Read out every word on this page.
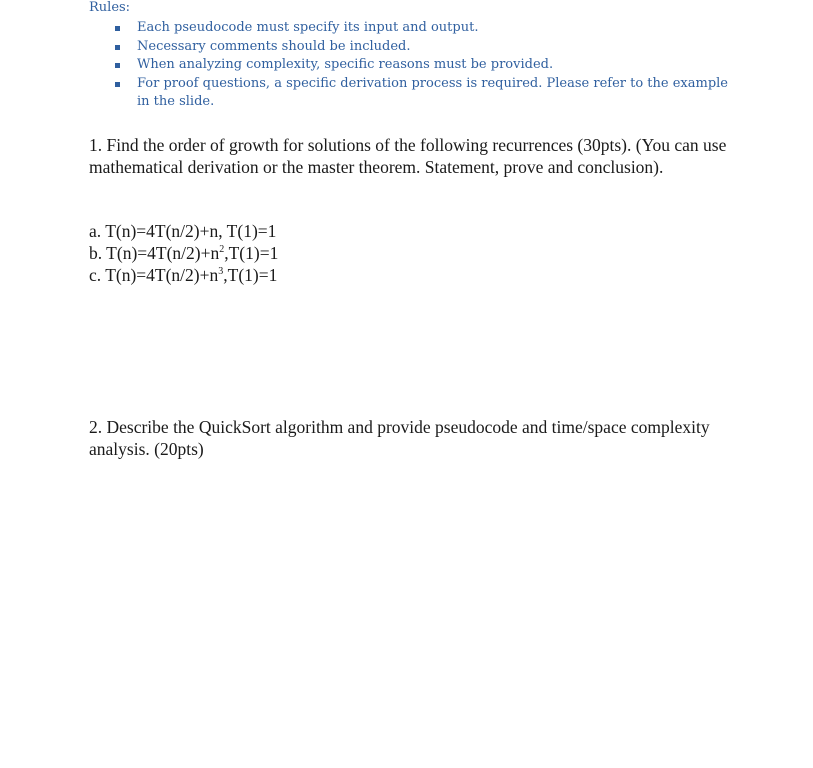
Rules:
Each pseudocode must specify its input and output.
Necessary comments should be included.
When analyzing complexity, specific reasons must be provided.
For proof questions, a specific derivation process is required. Please refer to the example in the slide.
1. Find the order of growth for solutions of the following recurrences (30pts). (You can use mathematical derivation or the master theorem. Statement, prove and conclusion).
a. T(n)=4T(n/2)+n, T(1)=1
b. $T(n)=4T(n/2)+n^2,T(1)=1$
c. $T(n)=4T(n/2)+n^3,T(1)=1$
2. Describe the QuickSort algorithm and provide pseudocode and time/space complexity analysis. (20pts)
